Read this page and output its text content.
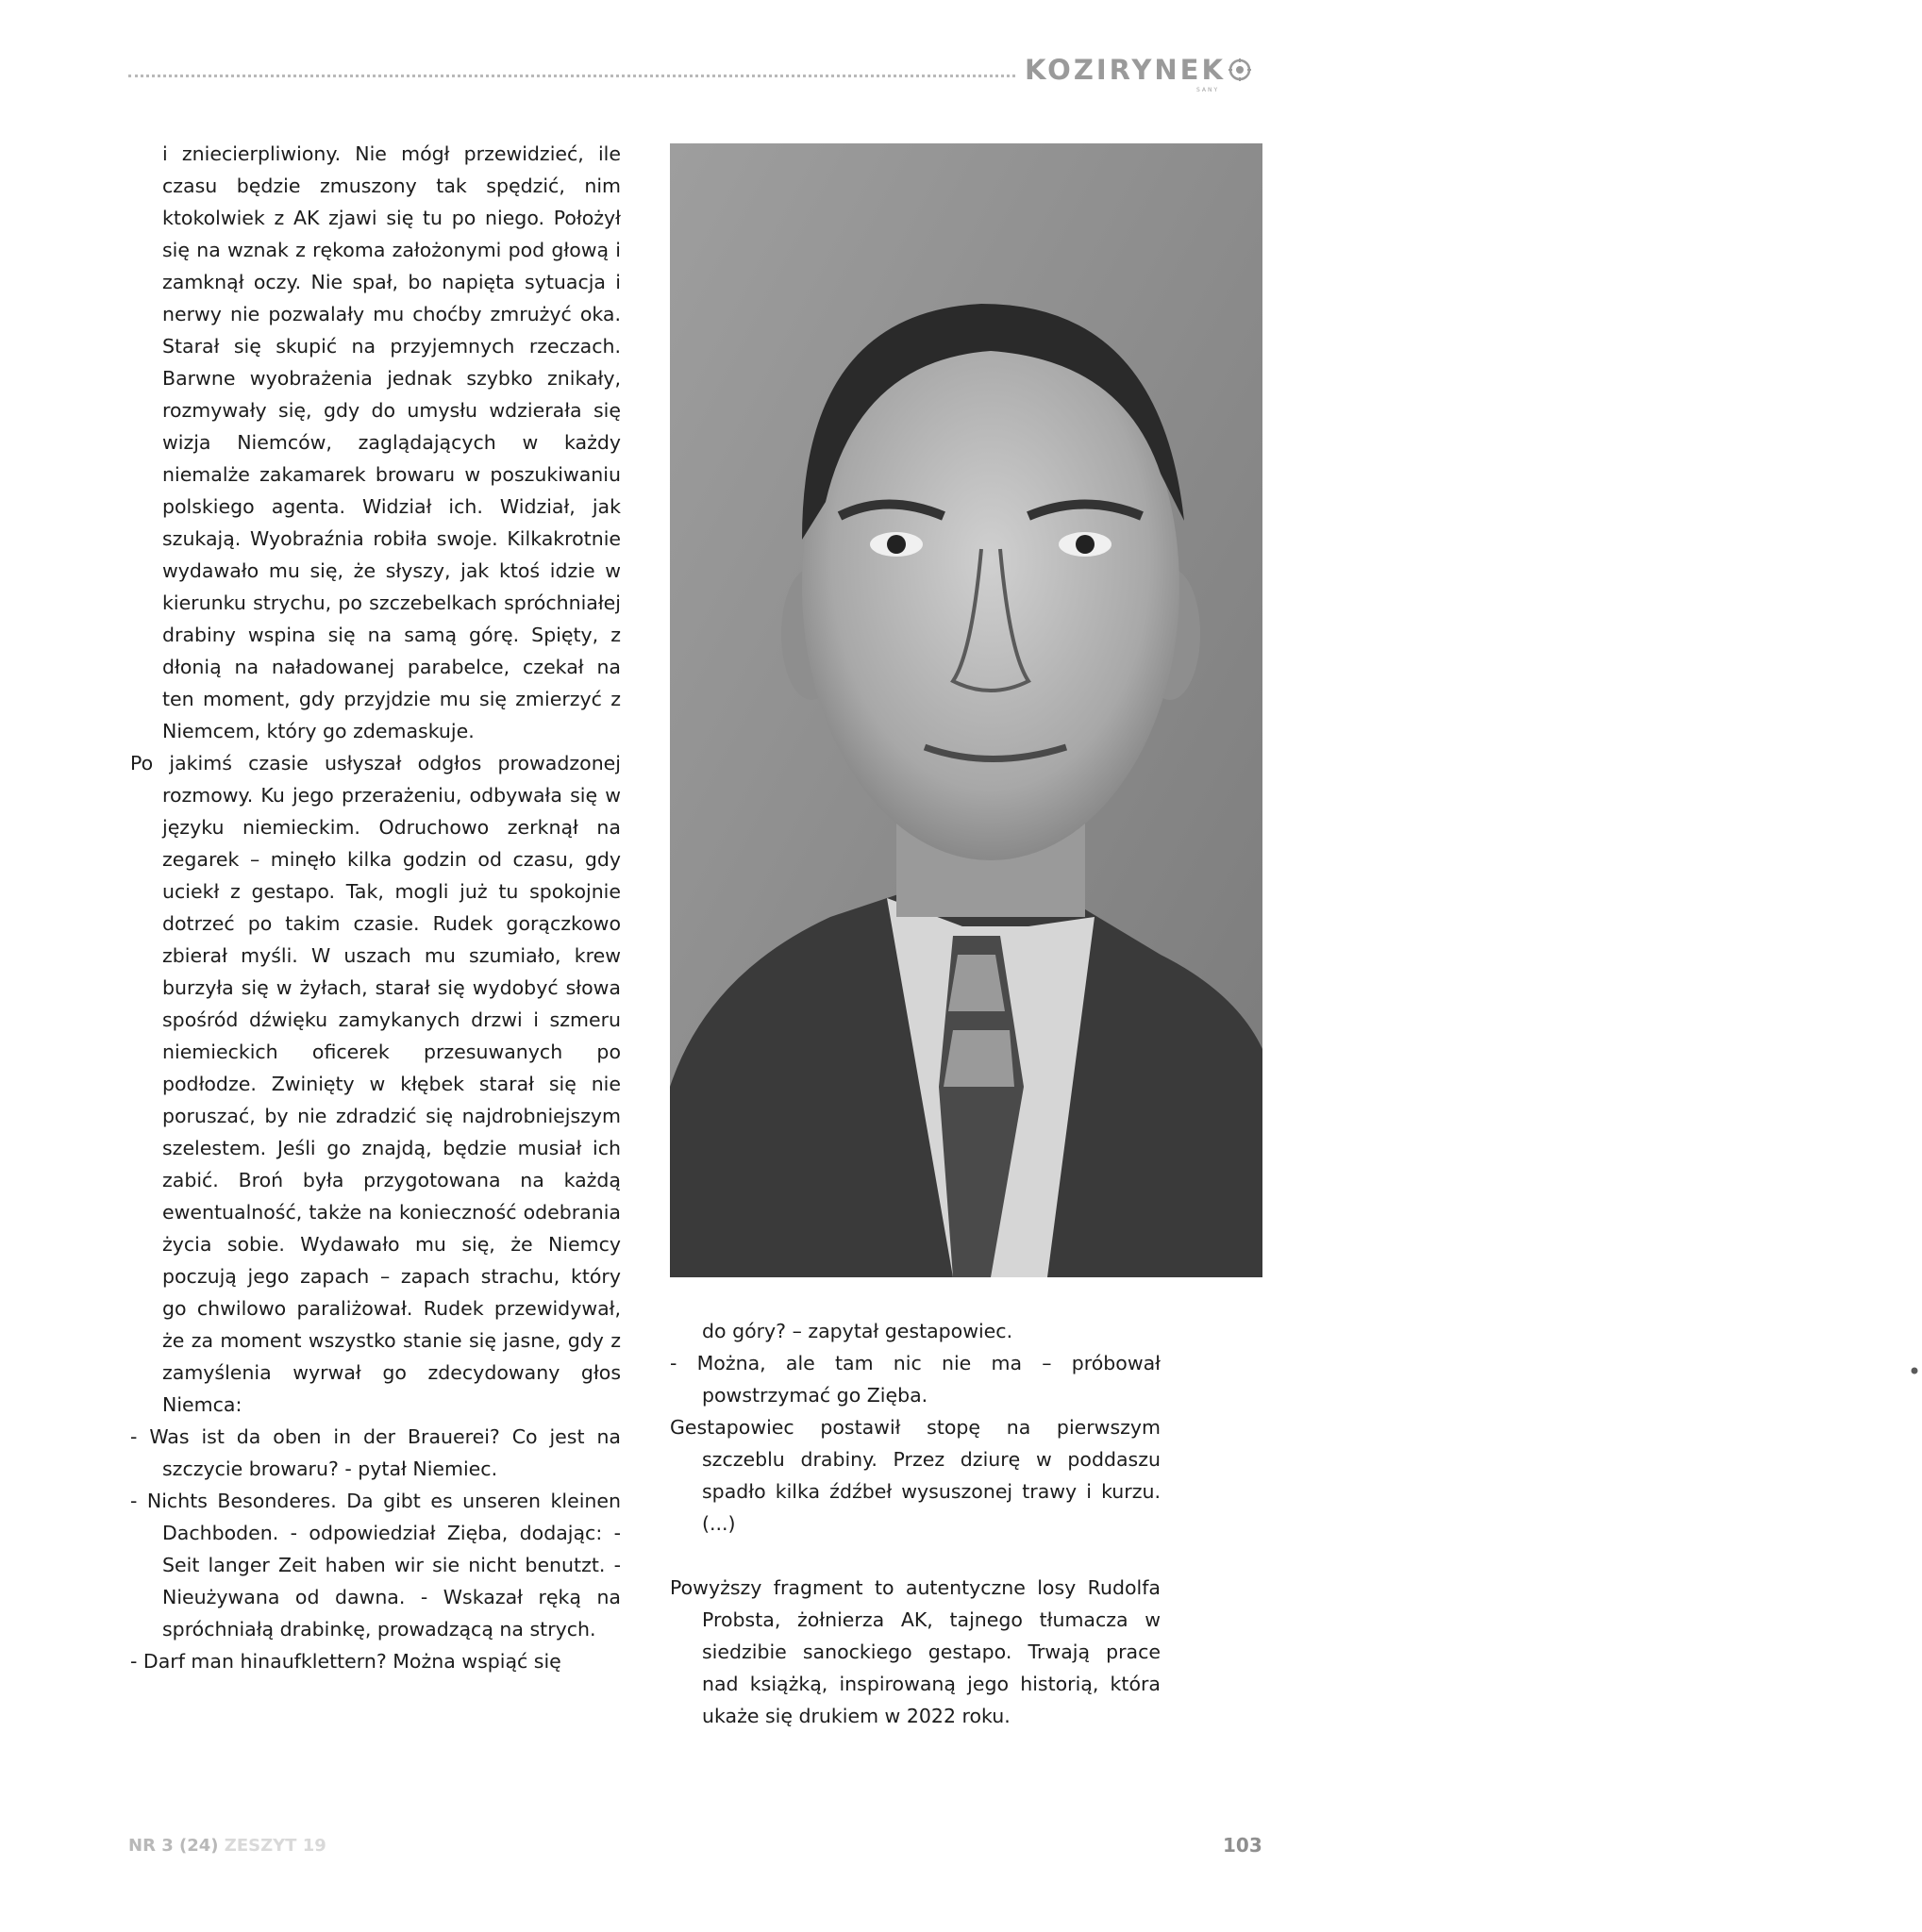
KOZIRYNEK
SANY

i zniecierpliwiony. Nie mógł przewidzieć, ile czasu będzie zmuszony tak spędzić, nim ktokolwiek z AK zjawi się tu po niego. Położył się na wznak z rękoma założonymi pod głową i zamknął oczy. Nie spał, bo napięta sytuacja i nerwy nie pozwalały mu choćby zmrużyć oka. Starał się skupić na przyjemnych rzeczach. Barwne wyobrażenia jednak szybko znikały, rozmywały się, gdy do umysłu wdzierała się wizja Niemców, zaglądających w każdy niemalże zakamarek browaru w poszukiwaniu polskiego agenta. Widział ich. Widział, jak szukają. Wyobraźnia robiła swoje. Kilkakrotnie wydawało mu się, że słyszy, jak ktoś idzie w kierunku strychu, po szczebelkach spróchniałej drabiny wspina się na samą górę. Spięty, z dłonią na naładowanej parabelce, czekał na ten moment, gdy przyjdzie mu się zmierzyć z Niemcem, który go zdemaskuje.

Po jakimś czasie usłyszał odgłos prowadzonej rozmowy. Ku jego przerażeniu, odbywała się w języku niemieckim. Odruchowo zerknął na zegarek – minęło kilka godzin od czasu, gdy uciekł z gestapo. Tak, mogli już tu spokojnie dotrzeć po takim czasie. Rudek gorączkowo zbierał myśli. W uszach mu szumiało, krew burzyła się w żyłach, starał się wydobyć słowa spośród dźwięku zamykanych drzwi i szmeru niemieckich oficerek przesuwanych po podłodze. Zwinięty w kłębek starał się nie poruszać, by nie zdradzić się najdrobniejszym szelestem. Jeśli go znajdą, będzie musiał ich zabić. Broń była przygotowana na każdą ewentualność, także na konieczność odebrania życia sobie. Wydawało mu się, że Niemcy poczują jego zapach – zapach strachu, który go chwilowo paraliżował. Rudek przewidywał, że za moment wszystko stanie się jasne, gdy z zamyślenia wyrwał go zdecydowany głos Niemca:

- Was ist da oben in der Brauerei? Co jest na szczycie browaru? - pytał Niemiec.

- Nichts Besonderes. Da gibt es unseren kleinen Dachboden. - odpowiedział Zięba, dodając: - Seit langer Zeit haben wir sie nicht benutzt. - Nieużywana od dawna. - Wskazał ręką na spróchniałą drabinkę, prowadzącą na strych.

- Darf man hinaufklettern? Można wspiąć się

wikimedia commons

do góry? – zapytał gestapowiec.

- Można, ale tam nic nie ma – próbował powstrzymać go Zięba.

Gestapowiec postawił stopę na pierwszym szczeblu drabiny. Przez dziurę w poddaszu spadło kilka źdźbeł wysuszonej trawy i kurzu. (...)

Powyższy fragment to autentyczne losy Rudolfa Probsta, żołnierza AK, tajnego tłumacza w siedzibie sanockiego gestapo. Trwają prace nad książką, inspirowaną jego historią, która ukaże się drukiem w 2022 roku.

NR 3 (24) ZESZYT 19	103
